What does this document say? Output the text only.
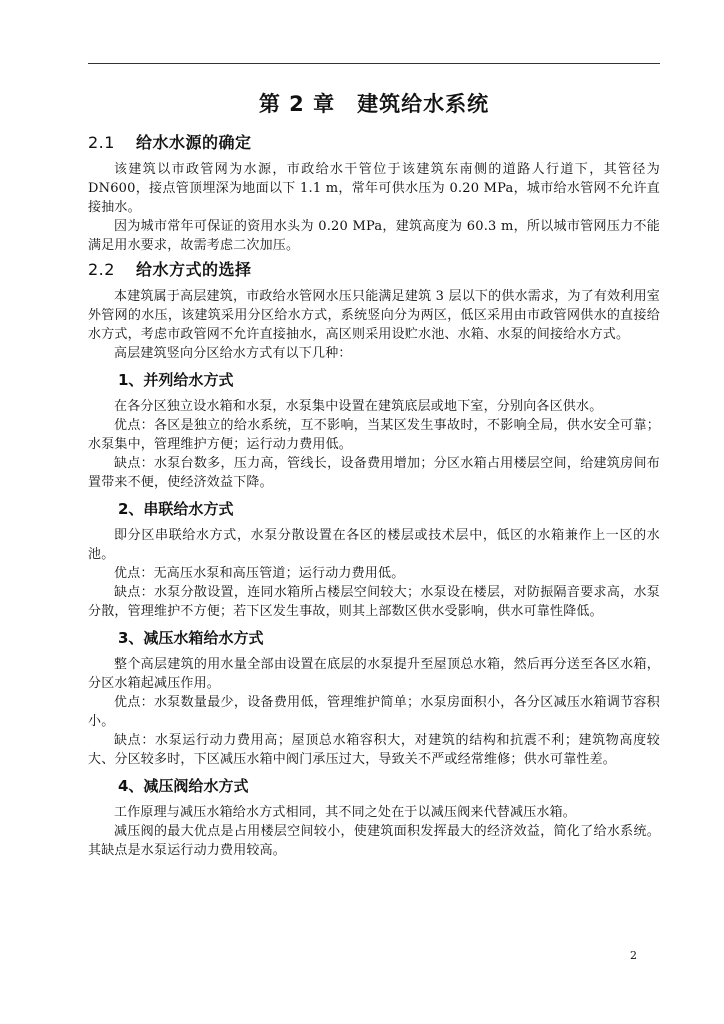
第 2 章　建筑给水系统
2.1 给水水源的确定

该建筑以市政管网为水源，市政给水干管位于该建筑东南侧的道路人行道下，其管径为 DN600，接点管顶埋深为地面以下 1.1 m，常年可供水压为 0.20 MPa，城市给水管网不允许直接抽水。

因为城市常年可保证的资用水头为 0.20 MPa，建筑高度为 60.3 m，所以城市管网压力不能满足用水要求，故需考虑二次加压。

2.2 给水方式的选择

本建筑属于高层建筑，市政给水管网水压只能满足建筑 3 层以下的供水需求，为了有效利用室外管网的水压，该建筑采用分区给水方式，系统竖向分为两区，低区采用由市政管网供水的直接给水方式，考虑市政管网不允许直接抽水，高区则采用设贮水池、水箱、水泵的间接给水方式。

高层建筑竖向分区给水方式有以下几种：

1、并列给水方式

在各分区独立设水箱和水泵，水泵集中设置在建筑底层或地下室，分别向各区供水。

优点：各区是独立的给水系统，互不影响，当某区发生事故时，不影响全局，供水安全可靠；水泵集中，管理维护方便；运行动力费用低。

缺点：水泵台数多，压力高，管线长，设备费用增加；分区水箱占用楼层空间，给建筑房间布置带来不便，使经济效益下降。

2、串联给水方式

即分区串联给水方式，水泵分散设置在各区的楼层或技术层中，低区的水箱兼作上一区的水池。

优点：无高压水泵和高压管道；运行动力费用低。

缺点：水泵分散设置，连同水箱所占楼层空间较大；水泵设在楼层，对防振隔音要求高，水泵分散，管理维护不方便；若下区发生事故，则其上部数区供水受影响，供水可靠性降低。

3、减压水箱给水方式

整个高层建筑的用水量全部由设置在底层的水泵提升至屋顶总水箱，然后再分送至各区水箱，分区水箱起减压作用。

优点：水泵数量最少，设备费用低，管理维护简单；水泵房面积小，各分区减压水箱调节容积小。

缺点：水泵运行动力费用高；屋顶总水箱容积大，对建筑的结构和抗震不利；建筑物高度较大、分区较多时，下区减压水箱中阀门承压过大，导致关不严或经常维修；供水可靠性差。

4、减压阀给水方式

工作原理与减压水箱给水方式相同，其不同之处在于以减压阀来代替减压水箱。

减压阀的最大优点是占用楼层空间较小，使建筑面积发挥最大的经济效益，简化了给水系统。其缺点是水泵运行动力费用较高。

2
